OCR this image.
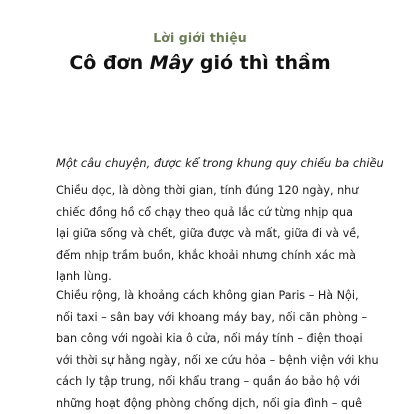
Lời giới thiệu
Cô đơn Mây gió thì thầm
Một câu chuyện, được kể trong khung quy chiếu ba chiều
Chiều dọc, là dòng thời gian, tính đúng 120 ngày, như
chiếc đồng hồ cổ chạy theo quả lắc cứ từng nhịp qua
lại giữa sống và chết, giữa được và mất, giữa đi và về,
đếm nhịp trầm buồn, khắc khoải nhưng chính xác mà
lạnh lùng.
Chiều rộng, là khoảng cách không gian Paris – Hà Nội,
nối taxi – sân bay với khoang máy bay, nối căn phòng –
ban công với ngoài kia ô cửa, nối máy tính – điện thoại
với thời sự hằng ngày, nối xe cứu hỏa – bệnh viện với khu
cách ly tập trung, nối khẩu trang – quần áo bảo hộ với
những hoạt động phòng chống dịch, nối gia đình – quê
